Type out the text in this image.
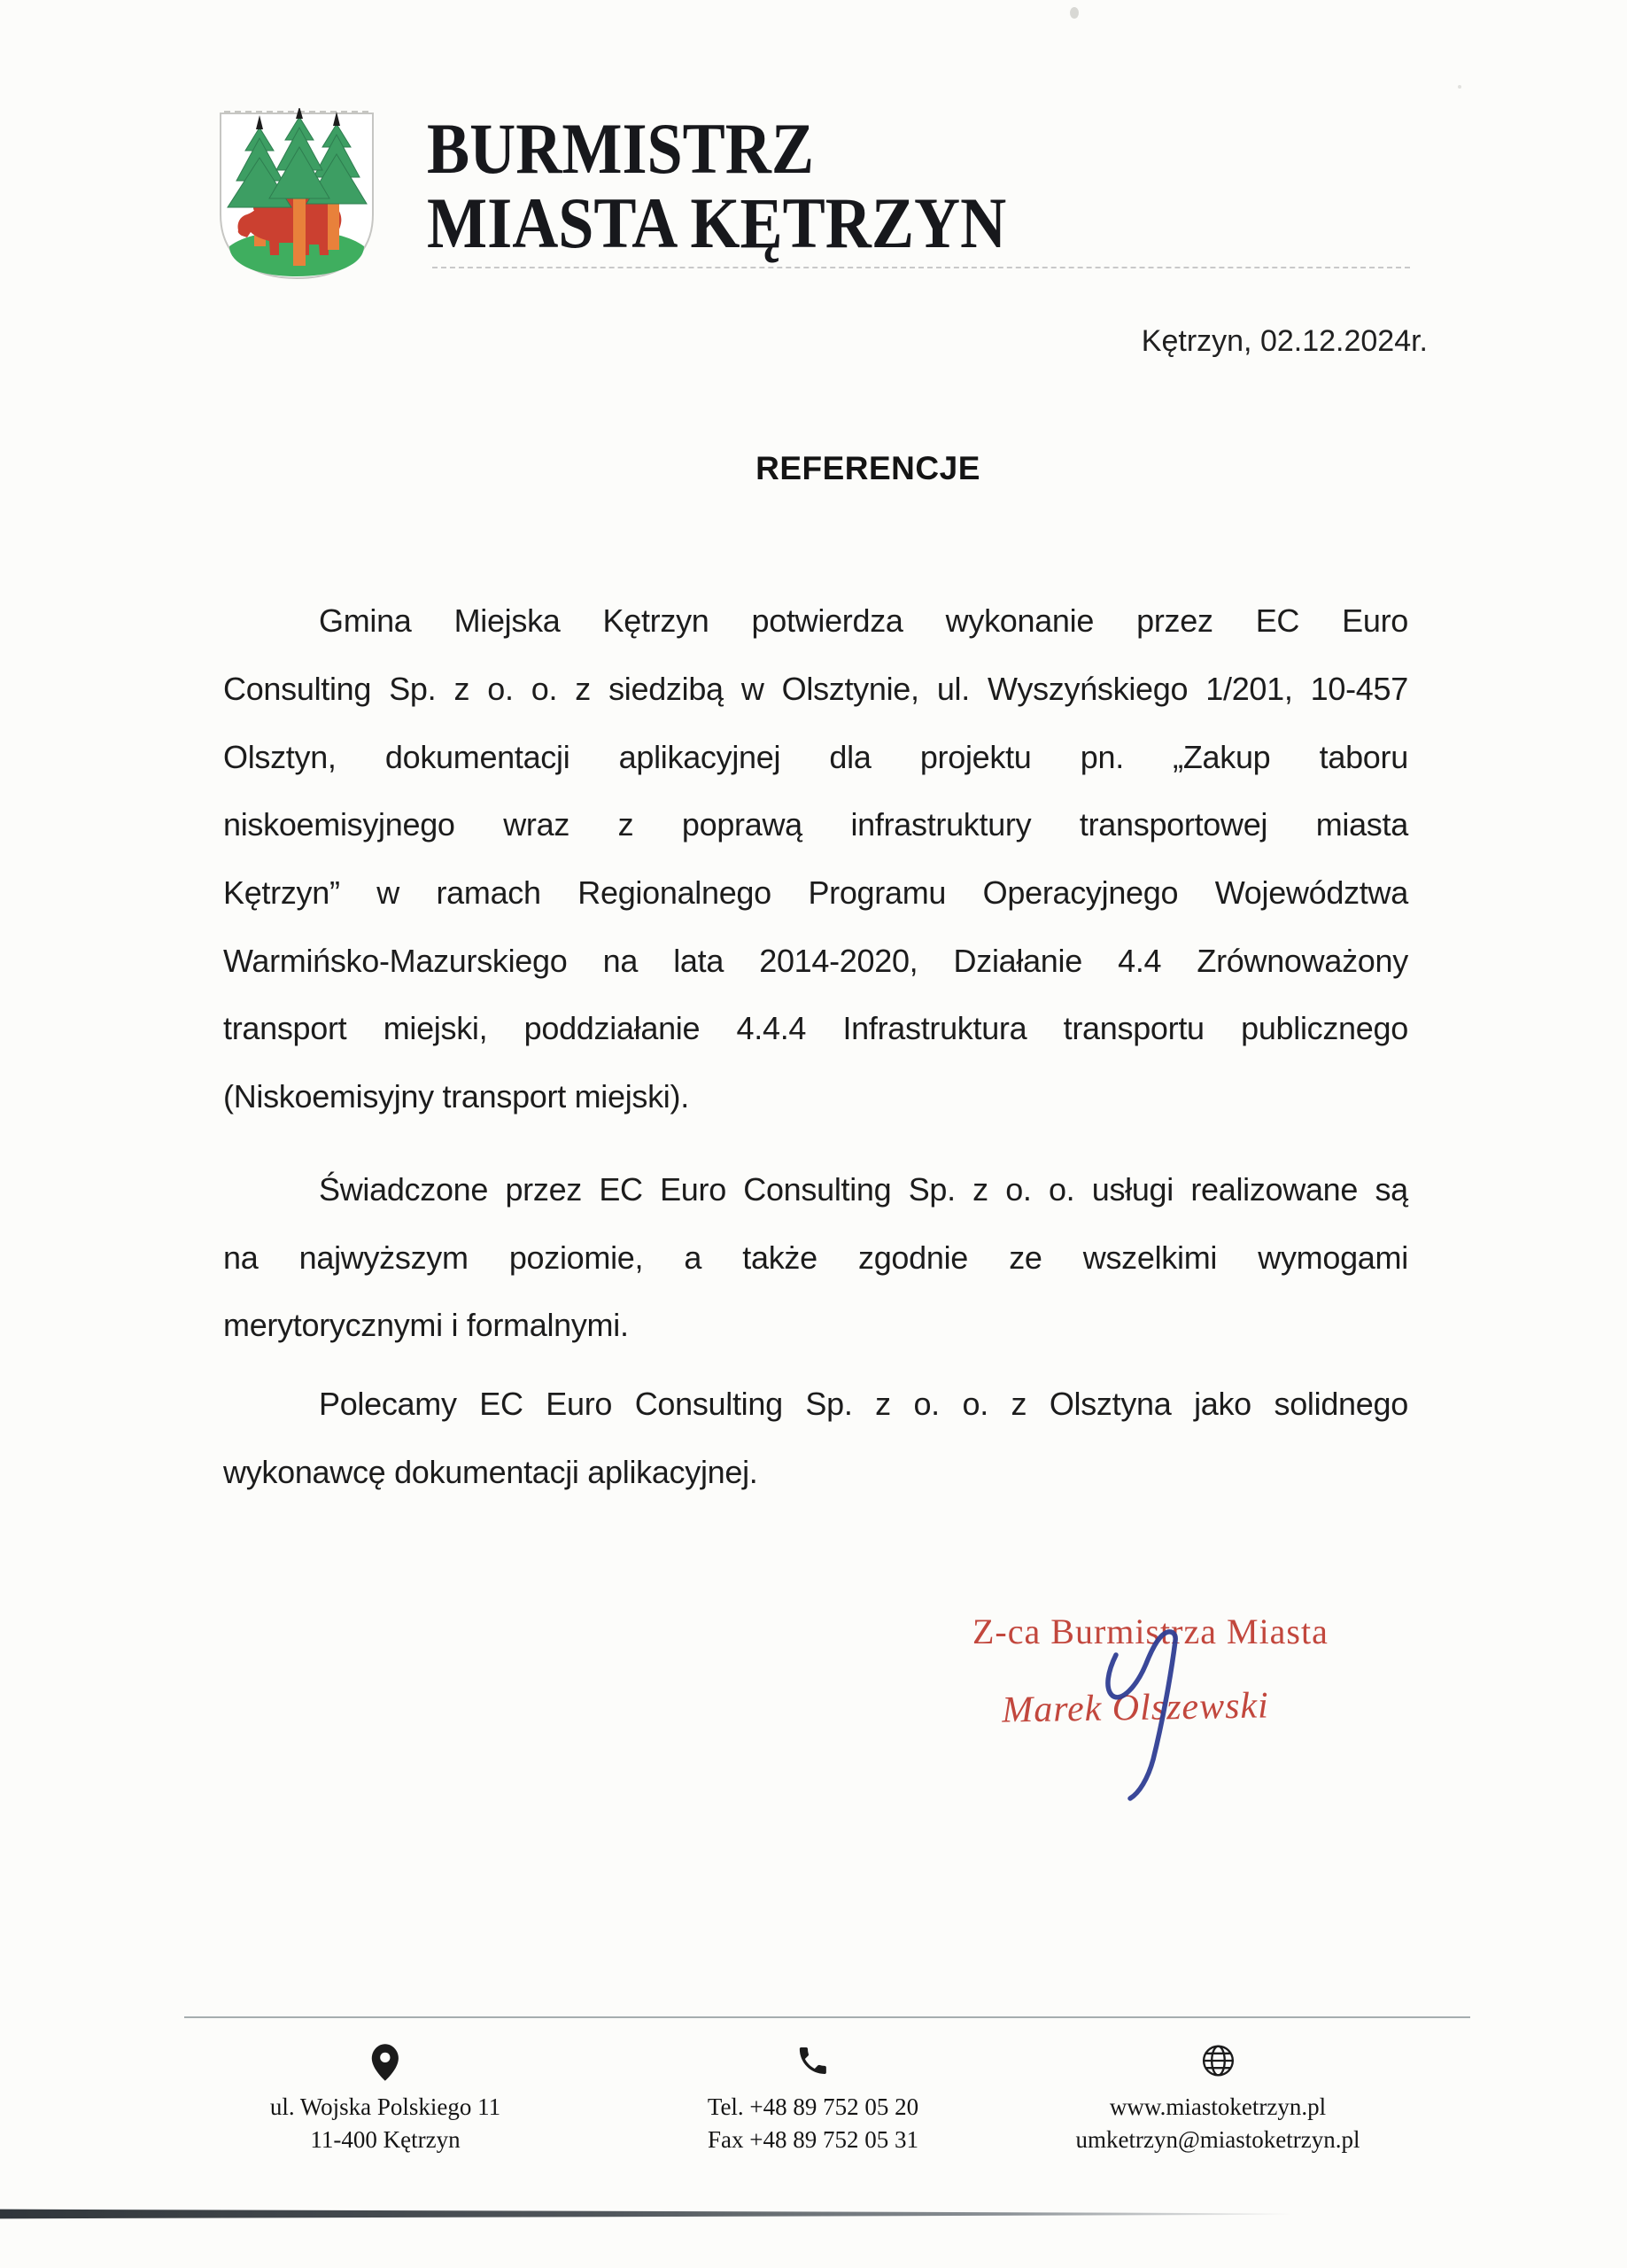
BURMISTRZ
MIASTA KĘTRZYN
Kętrzyn, 02.12.2024r.
REFERENCJE
Gmina Miejska Kętrzyn potwierdza wykonanie przez EC Euro
Consulting Sp. z o. o. z siedzibą w Olsztynie, ul. Wyszyńskiego 1/201, 10-457
Olsztyn, dokumentacji aplikacyjnej dla projektu pn. „Zakup taboru
niskoemisyjnego wraz z poprawą infrastruktury transportowej miasta
Kętrzyn” w ramach Regionalnego Programu Operacyjnego Województwa
Warmińsko-Mazurskiego na lata 2014-2020, Działanie 4.4 Zrównoważony
transport miejski, poddziałanie 4.4.4 Infrastruktura transportu publicznego
(Niskoemisyjny transport miejski).
Świadczone przez EC Euro Consulting Sp. z o. o. usługi realizowane są
na najwyższym poziomie, a także zgodnie ze wszelkimi wymogami
merytorycznymi i formalnymi.
Polecamy EC Euro Consulting Sp. z o. o. z Olsztyna jako solidnego
wykonawcę dokumentacji aplikacyjnej.
Z-ca Burmistrza Miasta
Marek Olszewski
ul. Wojska Polskiego 11
11-400 Kętrzyn
Tel. +48 89 752 05 20
Fax +48 89 752 05 31
www.miastoketrzyn.pl
umketrzyn@miastoketrzyn.pl
